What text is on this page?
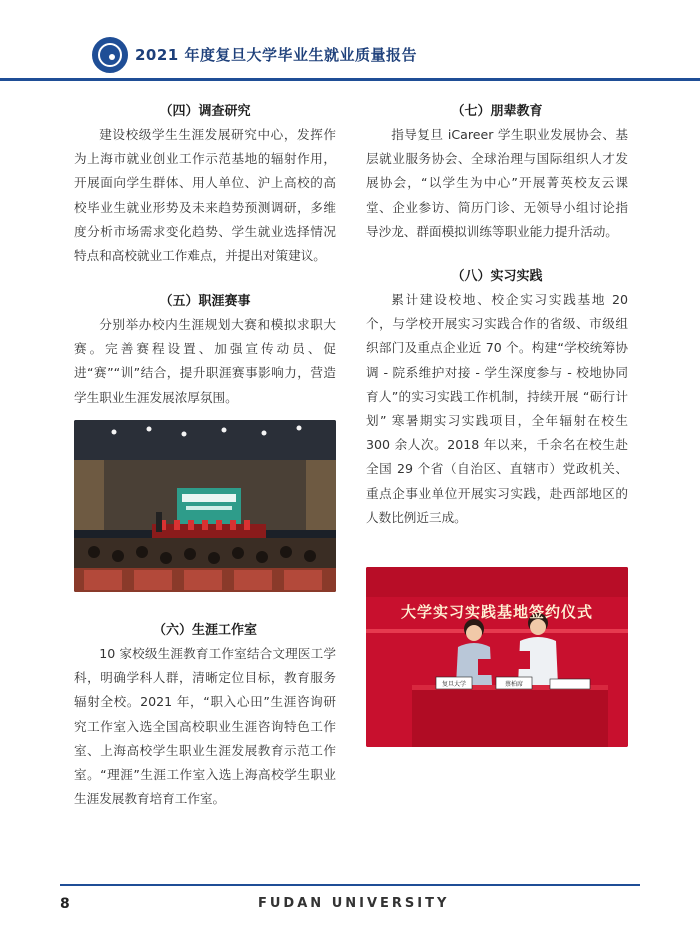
2021 年度复旦大学毕业生就业质量报告
（四）调查研究

建设校级学生生涯发展研究中心，发挥作为上海市就业创业工作示范基地的辐射作用，开展面向学生群体、用人单位、沪上高校的高校毕业生就业形势及未来趋势预测调研，多维度分析市场需求变化趋势、学生就业选择情况特点和高校就业工作难点，并提出对策建议。

（五）职涯赛事

分别举办校内生涯规划大赛和模拟求职大赛。完善赛程设置、加强宣传动员、促进“赛”“训”结合，提升职涯赛事影响力，营造学生职业生涯发展浓厚氛围。

（六）生涯工作室

10 家校级生涯教育工作室结合文理医工学科，明确学科人群，清晰定位目标，教育服务辐射全校。2021 年，“职入心田”生涯咨询研究工作室入选全国高校职业生涯咨询特色工作室、上海高校学生职业生涯发展教育示范工作室。“理涯”生涯工作室入选上海高校学生职业生涯发展教育培育工作室。

（七）朋辈教育

指导复旦 iCareer 学生职业发展协会、基层就业服务协会、全球治理与国际组织人才发展协会，“以学生为中心”开展菁英校友云课堂、企业参访、简历门诊、无领导小组讨论指导沙龙、群面模拟训练等职业能力提升活动。

（八）实习实践

累计建设校地、校企实习实践基地 20 个，与学校开展实习实践合作的省级、市级组织部门及重点企业近 70 个。构建“学校统筹协调 - 院系维护对接 - 学生深度参与 - 校地协同育人”的实习实践工作机制，持续开展 “砺行计划” 寒暑期实习实践项目，全年辐射在校生 300 余人次。2018 年以来，千余名在校生赴全国 29 个省（自治区、直辖市）党政机关、重点企事业单位开展实习实践，赴西部地区的人数比例近三成。

大学实习实践基地签约仪式
复旦大学	蔡柏席
8	FUDAN UNIVERSITY
